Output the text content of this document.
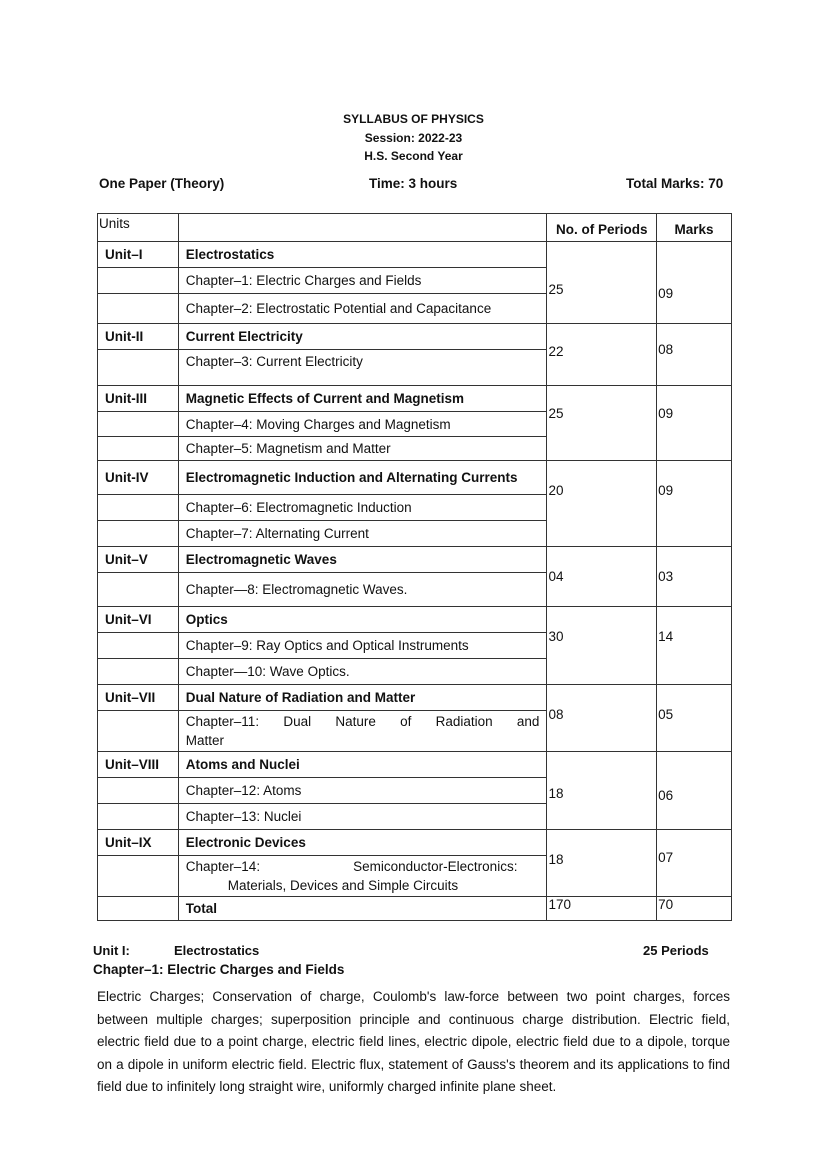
SYLLABUS OF PHYSICS
Session: 2022-23
H.S. Second Year
One Paper (Theory)	Time: 3 hours	Total Marks: 70
Units		No. of Periods	Marks
Unit–I	Electrostatics	25	09
	Chapter–1: Electric Charges and Fields		
	Chapter–2: Electrostatic Potential and Capacitance		
Unit-II	Current Electricity	22	08
	Chapter–3: Current Electricity		
Unit-III	Magnetic Effects of Current and Magnetism	25	09
	Chapter–4: Moving Charges and Magnetism		
	Chapter–5: Magnetism and Matter		
Unit-IV	Electromagnetic Induction and Alternating Currents	20	09
	Chapter–6: Electromagnetic Induction		
	Chapter–7: Alternating Current		
Unit–V	Electromagnetic Waves	04	03
	Chapter—8: Electromagnetic Waves.		
Unit–VI	Optics	30	14
	Chapter–9: Ray Optics and Optical Instruments		
	Chapter—10: Wave Optics.		
Unit–VII	Dual Nature of Radiation and Matter	08	05

	Chapter–11: Dual Nature of Radiation and
Matter		

Unit–VIII	Atoms and Nuclei	18	06
	Chapter–12: Atoms		
	Chapter–13: Nuclei		
Unit–IX	Electronic Devices	18	07

	Chapter–14: Semiconductor-Electronics:
Materials, Devices and Simple Circuits		

	Total	170	70
Unit I:	Electrostatics	25 Periods
Chapter–1: Electric Charges and Fields
Electric Charges; Conservation of charge, Coulomb's law-force between two point charges, forces between multiple charges; superposition principle and continuous charge distribution. Electric field, electric field due to a point charge, electric field lines, electric dipole, electric field due to a dipole, torque on a dipole in uniform electric field. Electric flux, statement of Gauss's theorem and its applications to find field due to infinitely long straight wire, uniformly charged infinite plane sheet.
